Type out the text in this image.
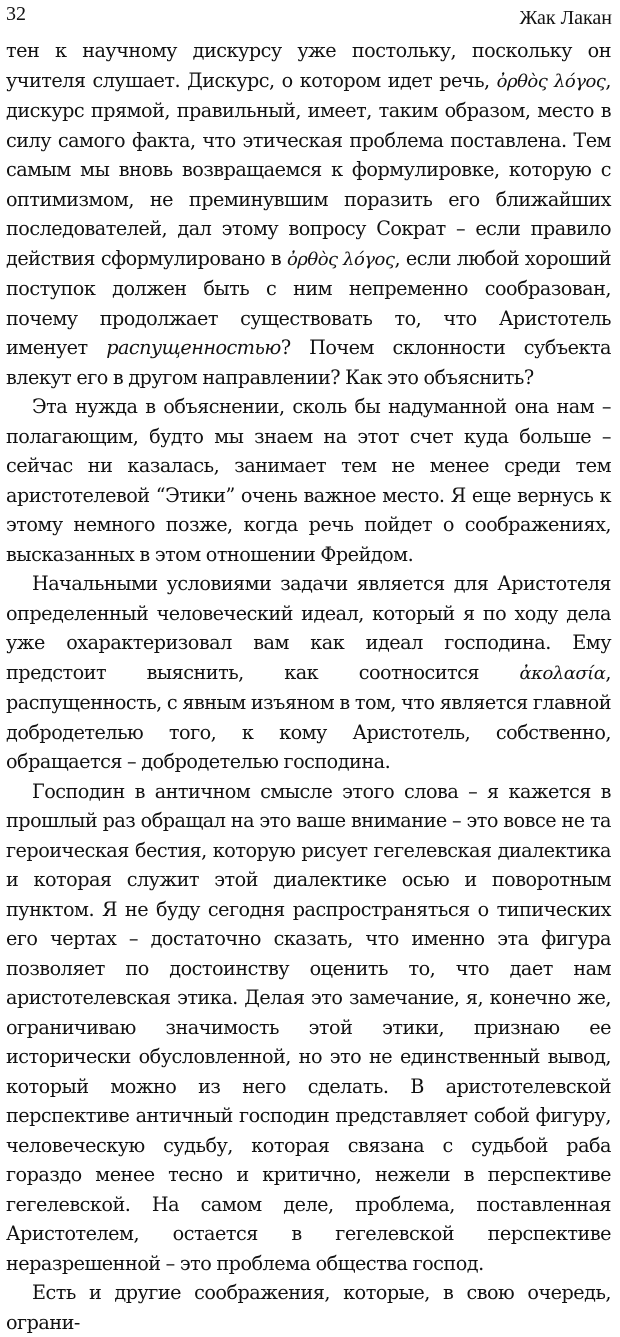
32	Жак Лакан

тен к научному дискурсу уже постольку, поскольку он учителя слушает. Дискурс, о котором идет речь, ὀρθὸς λόγος, дискурс прямой, правильный, имеет, таким образом, место в силу самого факта, что этическая проблема поставлена. Тем самым мы вновь возвращаемся к формулировке, которую с оптимизмом, не преминувшим поразить его ближайших последователей, дал этому вопросу Сократ – если правило действия сформулировано в ὀρθὸς λόγος, если любой хороший поступок должен быть с ним непременно сообразован, почему продолжает существовать то, что Аристотель именует распущенностью? Почем склонности субъекта влекут его в другом направлении? Как это объяснить?

Эта нужда в объяснении, сколь бы надуманной она нам – полагающим, будто мы знаем на этот счет куда больше – сейчас ни казалась, занимает тем не менее среди тем аристотелевой “Этики” очень важное место. Я еще вернусь к этому немного позже, когда речь пойдет о соображениях, высказанных в этом отношении Фрейдом.

Начальными условиями задачи является для Аристотеля определенный человеческий идеал, который я по ходу дела уже охарактеризовал вам как идеал господина. Ему предстоит выяснить, как соотносится ἀκολασία, распущенность, с явным изъяном в том, что является главной добродетелью того, к кому Аристотель, собственно, обращается – добродетелью господина.

Господин в античном смысле этого слова – я кажется в прошлый раз обращал на это ваше внимание – это вовсе не та героическая бестия, которую рисует гегелевская диалектика и которая служит этой диалектике осью и поворотным пунктом. Я не буду сегодня распространяться о типических его чертах – достаточно сказать, что именно эта фигура позволяет по достоинству оценить то, что дает нам аристотелевская этика. Делая это замечание, я, конечно же, ограничиваю значимость этой этики, признаю ее исторически обусловленной, но это не единственный вывод, который можно из него сделать. В аристотелевской перспективе античный господин представляет собой фигуру, человеческую судьбу, которая связана с судьбой раба гораздо менее тесно и критично, нежели в перспективе гегелевской. На самом деле, проблема, поставленная Аристотелем, остается в гегелевской перспективе неразрешенной – это проблема общества господ.

Есть и другие соображения, которые, в свою очередь, ограни-
